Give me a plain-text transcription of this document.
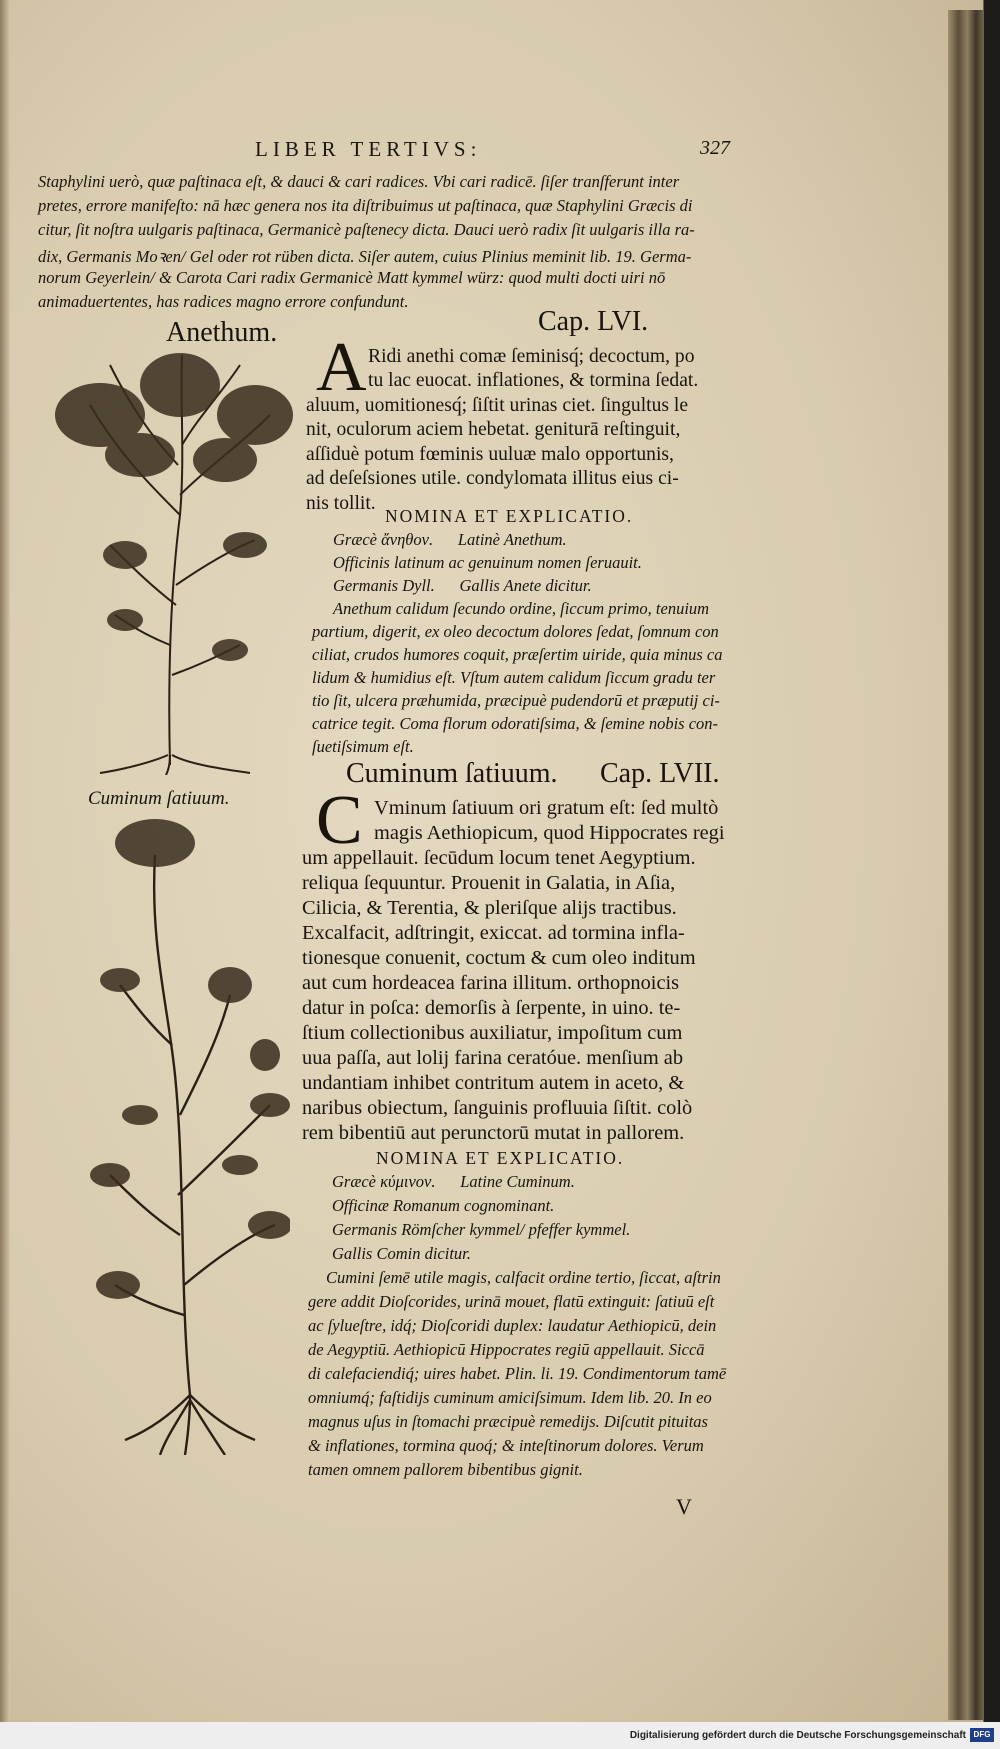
LIBER TERTIVS:	327
Staphylini uerò, quæ paſtinaca eſt, & dauci & cari radices. Vbi cari radicē. ſiſer tranſferunt inter
pretes, errore manifeſto: nā hæc genera nos ita diſtribuimus ut paſtinaca, quæ Staphylini Græcis di
citur, ſit noſtra uulgaris paſtinaca, Germanicè paſtenecy dicta. Dauci uerò radix ſit uulgaris illa ra-
dix, Germanis Moꝛen/ Gel oder rot rüben dicta. Siſer autem, cuius Plinius meminit lib. 19. Germa-
norum Geyerlein/ & Carota Cari radix Germanicè Matt kymmel würz: quod multi docti uiri nō
animaduertentes, has radices magno errore confundunt.
Anethum.	Cap. LVI.
A Ridi anethi comæ ſeminisq́; decoctum, po
tu lac euocat. inflationes, & tormina ſedat.
aluum, uomitionesq́; ſiſtit urinas ciet. ſingultus le
nit, oculorum aciem hebetat. geniturā reſtinguit,
aſſiduè potum fœminis uuluæ malo opportunis,
ad deſeſsiones utile. condylomata illitus eius ci-
nis tollit.
NOMINA ET EXPLICATIO.
Græcè ἄνηθον.      Latinè Anethum.
Officinis latinum ac genuinum nomen ſeruauit.
Germanis Dyll.      Gallis Anete dicitur.
Anethum calidum ſecundo ordine, ſiccum primo, tenuium
partium, digerit, ex oleo decoctum dolores ſedat, ſomnum con
ciliat, crudos humores coquit, præſertim uiride, quia minus ca
lidum & humidius eſt. Vſtum autem calidum ſiccum gradu ter
tio ſit, ulcera præhumida, præcipuè pudendorū et præputij ci-
catrice tegit. Coma florum odoratiſsima, & ſemine nobis con-
ſuetiſsimum eſt.
Cuminum ſatiuum.
Cuminum ſatiuum. Cap. LVII.
C Vminum ſatiuum ori gratum eſt: ſed multò
magis Aethiopicum, quod Hippocrates regi
um appellauit. ſecūdum locum tenet Aegyptium.
reliqua ſequuntur. Prouenit in Galatia, in Aſia,
Cilicia, & Terentia, & pleriſque alijs tractibus.
Excalfacit, adſtringit, exiccat. ad tormina infla-
tionesque conuenit, coctum & cum oleo inditum
aut cum hordeacea farina illitum. orthopnoicis
datur in poſca: demorſis à ſerpente, in uino. te-
ſtium collectionibus auxiliatur, impoſitum cum
uua paſſa, aut lolij farina ceratóue. menſium ab
undantiam inhibet contritum autem in aceto, &
naribus obiectum, ſanguinis profluuia ſiſtit. colò
rem bibentiū aut perunctorū mutat in pallorem.
NOMINA ET EXPLICATIO.
Græcè κύμινον.      Latine Cuminum.
Officinæ Romanum cognominant.
Germanis Römſcher kymmel/ pfeffer kymmel.
Gallis Comin dicitur.
Cumini ſemē utile magis, calfacit ordine tertio, ſiccat, aſtrin
gere addit Dioſcorides, urinā mouet, flatū extinguit: ſatiuū eſt
ac ſylueſtre, idq́; Dioſcoridi duplex: laudatur Aethiopicū, dein
de Aegyptiū. Aethiopicū Hippocrates regiū appellauit. Siccā
di calefaciendiq́; uires habet. Plin. li. 19. Condimentorum tamē
omniumq́; faſtidijs cuminum amiciſsimum. Idem lib. 20. In eo
magnus uſus in ſtomachi præcipuè remedijs. Diſcutit pituitas
& inflationes, tormina quoq́; & inteſtinorum dolores. Verum
tamen omnem pallorem bibentibus gignit.
V
Digitalisierung gefördert durch die Deutsche Forschungsgemeinschaft DFG
